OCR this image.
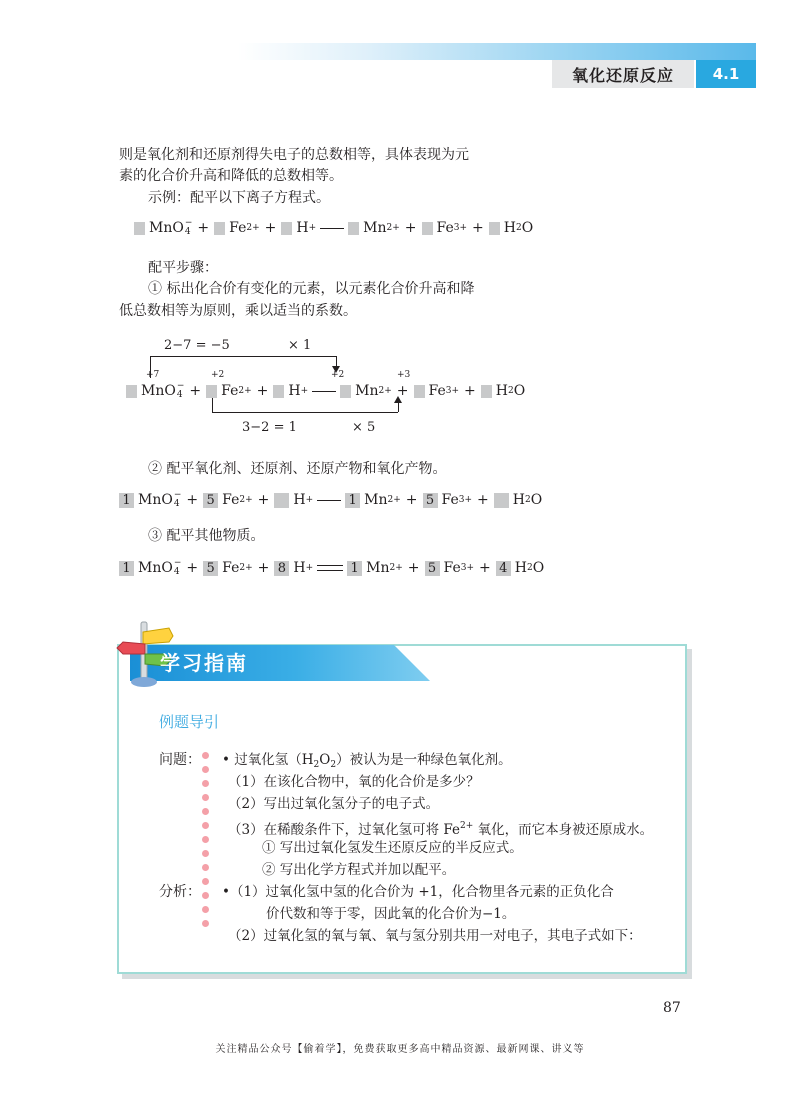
氧化还原反应	4.1
则是氧化剂和还原剂得失电子的总数相等，具体表现为元
素的化合价升高和降低的总数相等。
示例：配平以下离子方程式。
MnO −
4 + Fe 2+ + H +	Mn 2+ + Fe 3+ + H 2 O
配平步骤：
① 标出化合价有变化的元素，以元素化合价升高和降
低总数相等为原则，乘以适当的系数。
2−7 = −5	× 1
+7	+2	+2	+3
MnO −
4 + Fe 2+ + H +	Mn 2+ + Fe 3+ + H 2 O
3−2 = 1	× 5
② 配平氧化剂、还原剂、还原产物和氧化产物。
1 MnO −
4 + 5 Fe 2+ + H +	1 Mn 2+ + 5 Fe 3+ + H 2 O
③ 配平其他物质。
1 MnO −
4 + 5 Fe 2+ + 8 H +	1 Mn 2+ + 5 Fe 3+ + 4 H 2 O
学习指南
例题导引
问题：
分析：
• 过氧化氢$(H_2O_2)$被认为是一种绿色氧化剂。
（1）在该化合物中，氧的化合价是多少？
（2）写出过氧化氢分子的电子式。
（3）在稀酸条件下，过氧化氢可将 $Fe^{2+}$ 氧化，而它本身被还原成水。
① 写出过氧化氢发生还原反应的半反应式。
② 写出化学方程式并加以配平。
•（1）过氧化氢中氢的化合价为 +1，化合物里各元素的正负化合
价代数和等于零，因此氧的化合价为−1。
（2）过氧化氢的氧与氧、氧与氢分别共用一对电子，其电子式如下：
87
关注精品公众号【偷着学】，免费获取更多高中精品资源、最新网课、讲义等
